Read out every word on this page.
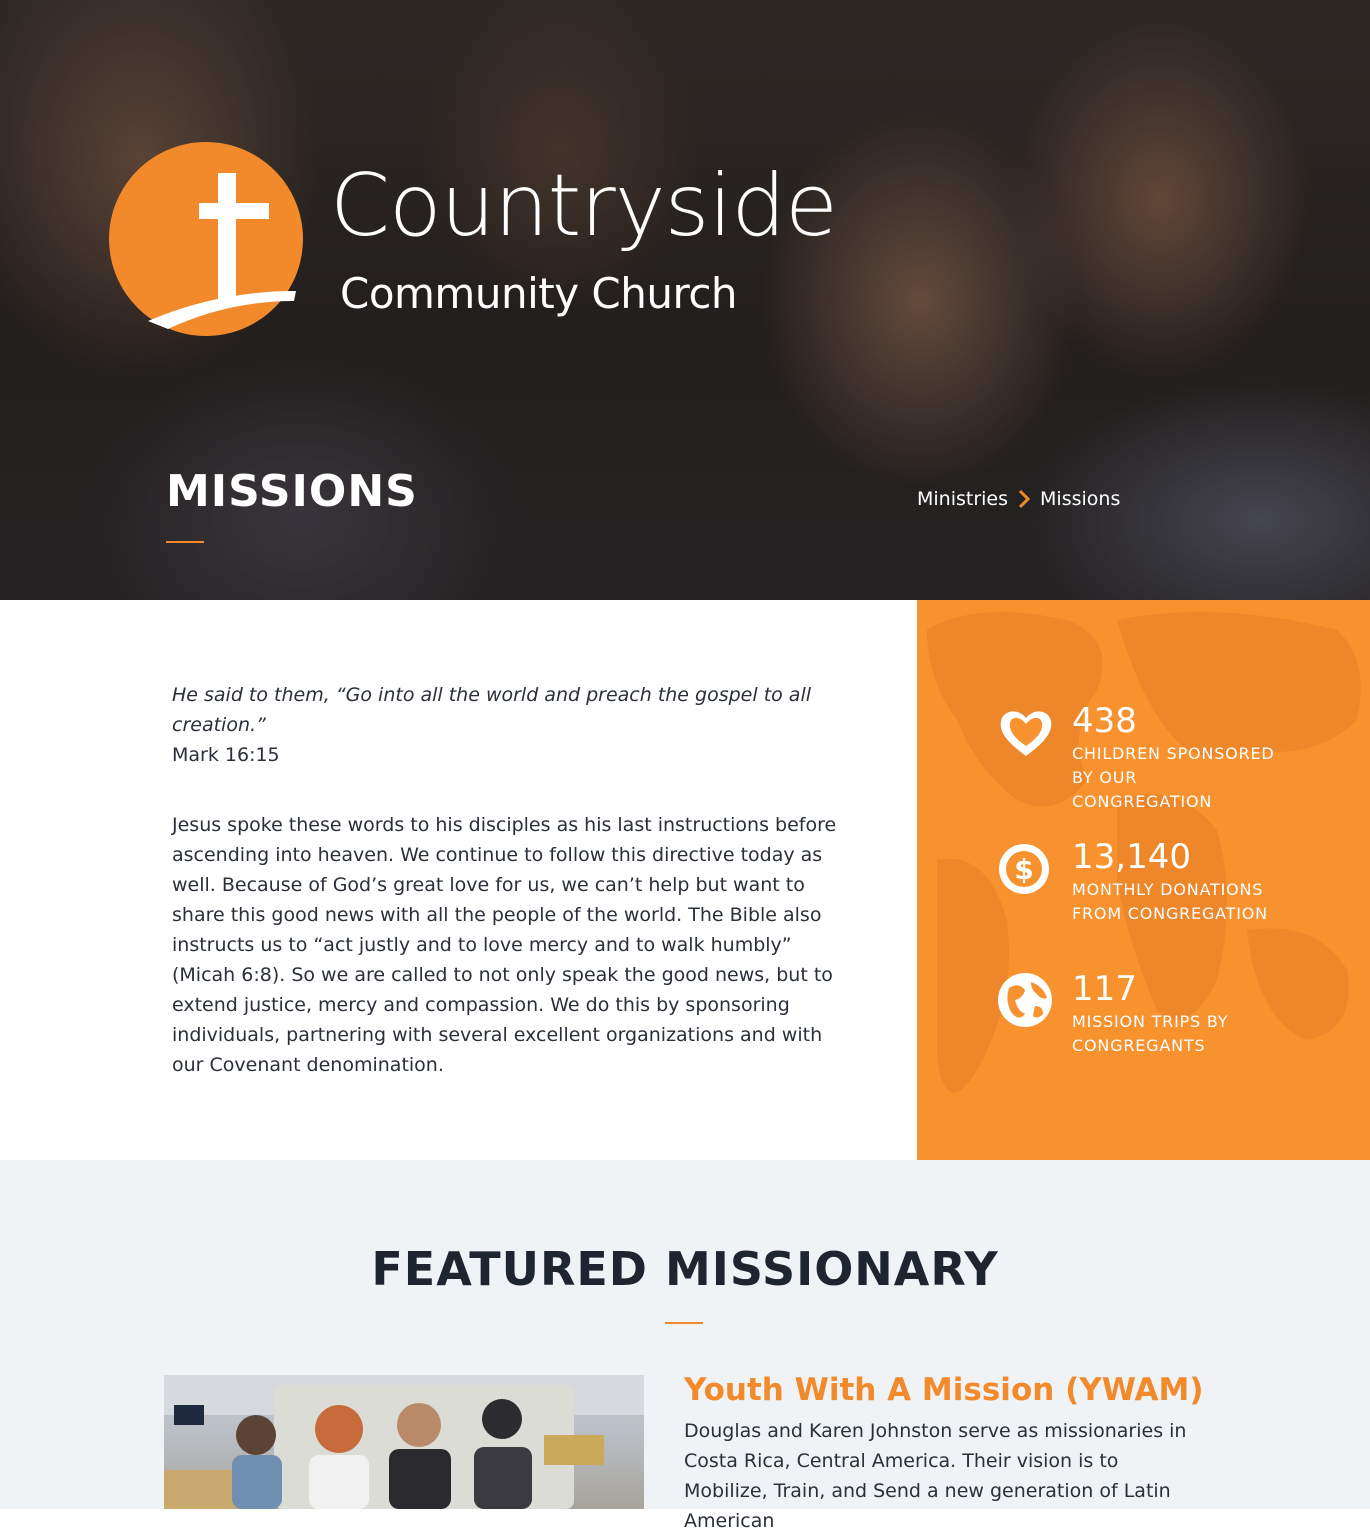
Countryside
Community Church
MISSIONS	Ministries Missions

He said to them, “Go into all the world and preach the gospel to all creation.”

Mark 16:15

Jesus spoke these words to his disciples as his last instructions before ascending into heaven. We continue to follow this directive today as well. Because of God’s great love for us, we can’t help but want to share this good news with all the people of the world. The Bible also instructs us to “act justly and to love mercy and to walk humbly” (Micah 6:8). So we are called to not only speak the good news, but to extend justice, mercy and compassion. We do this by sponsoring individuals, partnering with several excellent organizations and with our Covenant denomination.

438
CHILDREN SPONSORED BY OUR CONGREGATION
$ 13,140
MONTHLY DONATIONS FROM CONGREGATION
117
MISSION TRIPS BY CONGREGANTS
FEATURED MISSIONARY
Youth With A Mission (YWAM)

Douglas and Karen Johnston serve as missionaries in Costa Rica, Central America. Their vision is to Mobilize, Train, and Send a new generation of Latin American
